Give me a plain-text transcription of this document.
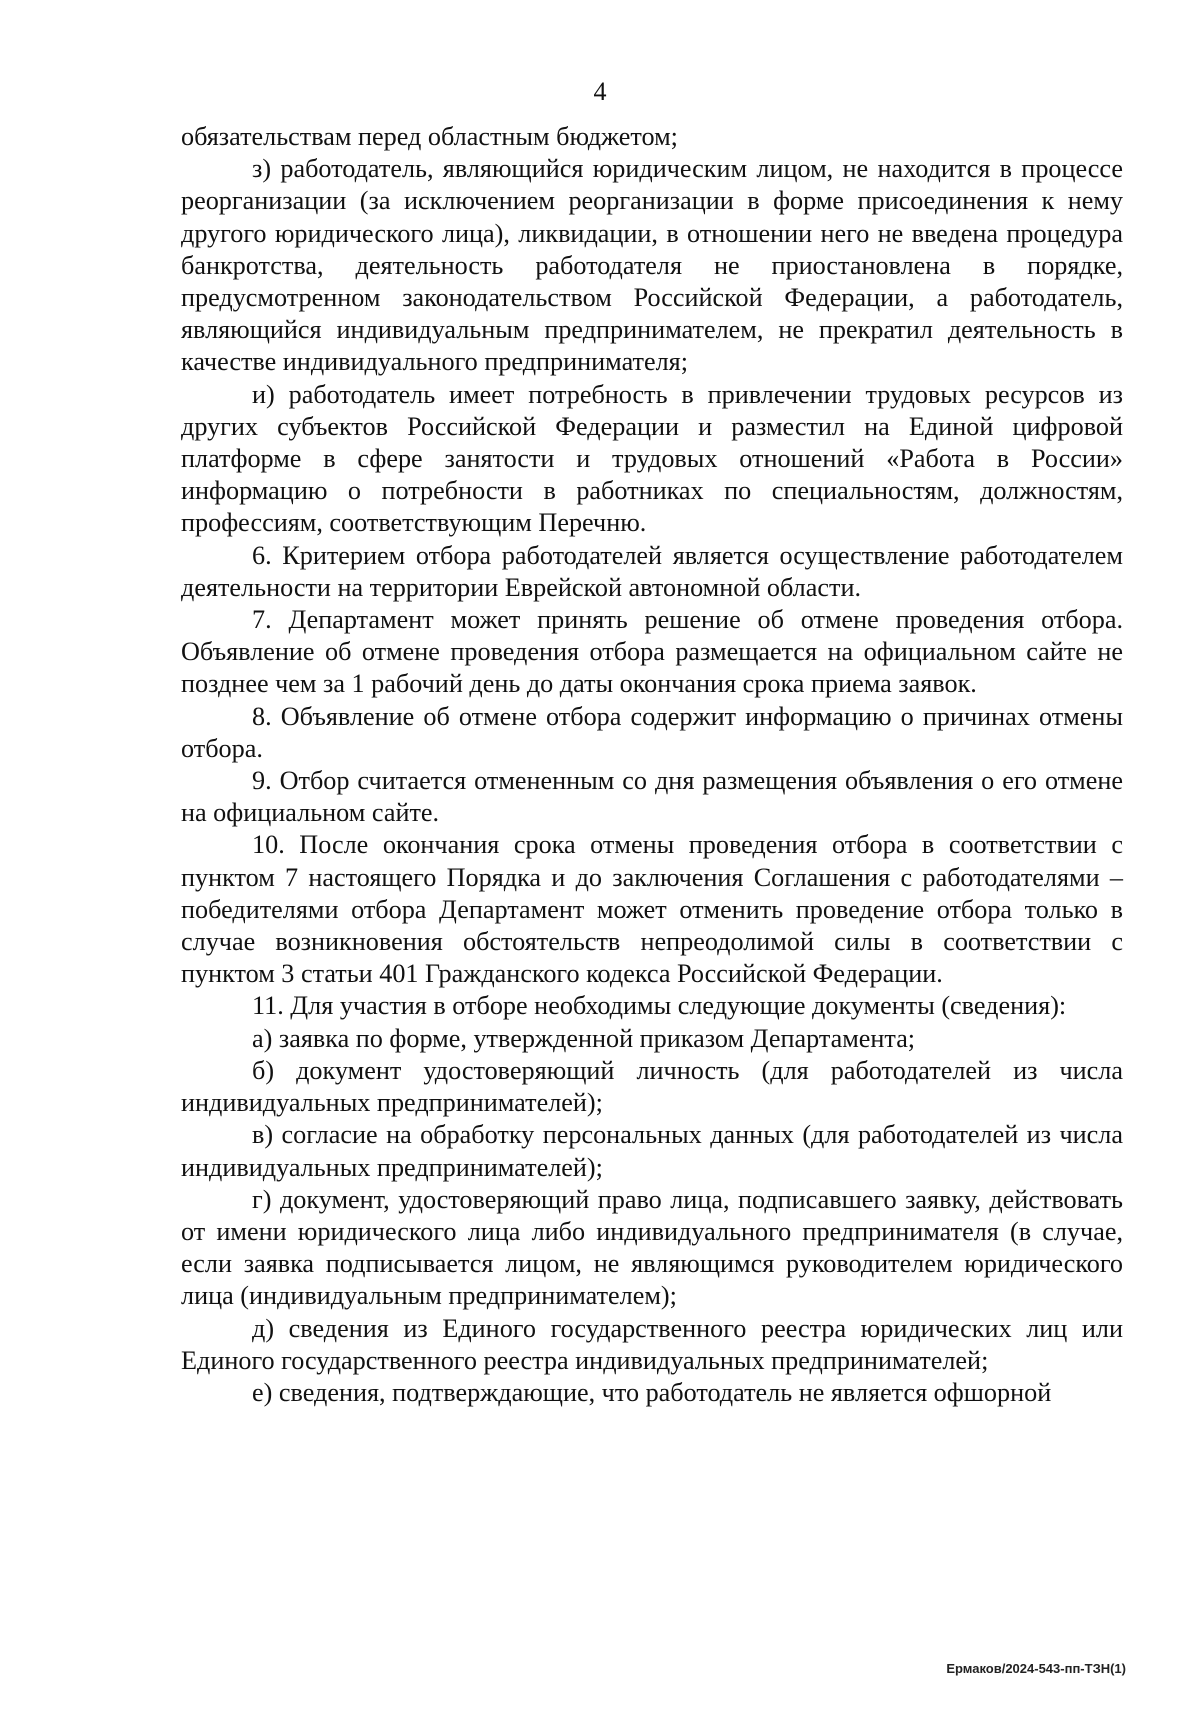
4

обязательствам перед областным бюджетом;

з) работодатель, являющийся юридическим лицом, не находится в процессе реорганизации (за исключением реорганизации в форме присоединения к нему другого юридического лица), ликвидации, в отношении него не введена процедура банкротства, деятельность работодателя не приостановлена в порядке, предусмотренном законодательством Российской Федерации, а работодатель, являющийся индивидуальным предпринимателем, не прекратил деятельность в качестве индивидуального предпринимателя;

и) работодатель имеет потребность в привлечении трудовых ресурсов из других субъектов Российской Федерации и разместил на Единой цифровой платформе в сфере занятости и трудовых отношений «Работа в России» информацию о потребности в работниках по специальностям, должностям, профессиям, соответствующим Перечню.

6. Критерием отбора работодателей является осуществление работодателем деятельности на территории Еврейской автономной области.

7. Департамент может принять решение об отмене проведения отбора. Объявление об отмене проведения отбора размещается на официальном сайте не позднее чем за 1 рабочий день до даты окончания срока приема заявок.

8. Объявление об отмене отбора содержит информацию о причинах отмены отбора.

9. Отбор считается отмененным со дня размещения объявления о его отмене на официальном сайте.

10. После окончания срока отмены проведения отбора в соответствии с пунктом 7 настоящего Порядка и до заключения Соглашения с работодателями – победителями отбора Департамент может отменить проведение отбора только в случае возникновения обстоятельств непреодолимой силы в соответствии с пунктом 3 статьи 401 Гражданского кодекса Российской Федерации.

11. Для участия в отборе необходимы следующие документы (сведения):

а) заявка по форме, утвержденной приказом Департамента;

б) документ удостоверяющий личность (для работодателей из числа индивидуальных предпринимателей);

в) согласие на обработку персональных данных (для работодателей из числа индивидуальных предпринимателей);

г) документ, удостоверяющий право лица, подписавшего заявку, действовать от имени юридического лица либо индивидуального предпринимателя (в случае, если заявка подписывается лицом, не являющимся руководителем юридического лица (индивидуальным предпринимателем);

д) сведения из Единого государственного реестра юридических лиц или Единого государственного реестра индивидуальных предпринимателей;

е) сведения, подтверждающие, что работодатель не является офшорной

Ермаков/2024-543-пп-ТЗН(1)
